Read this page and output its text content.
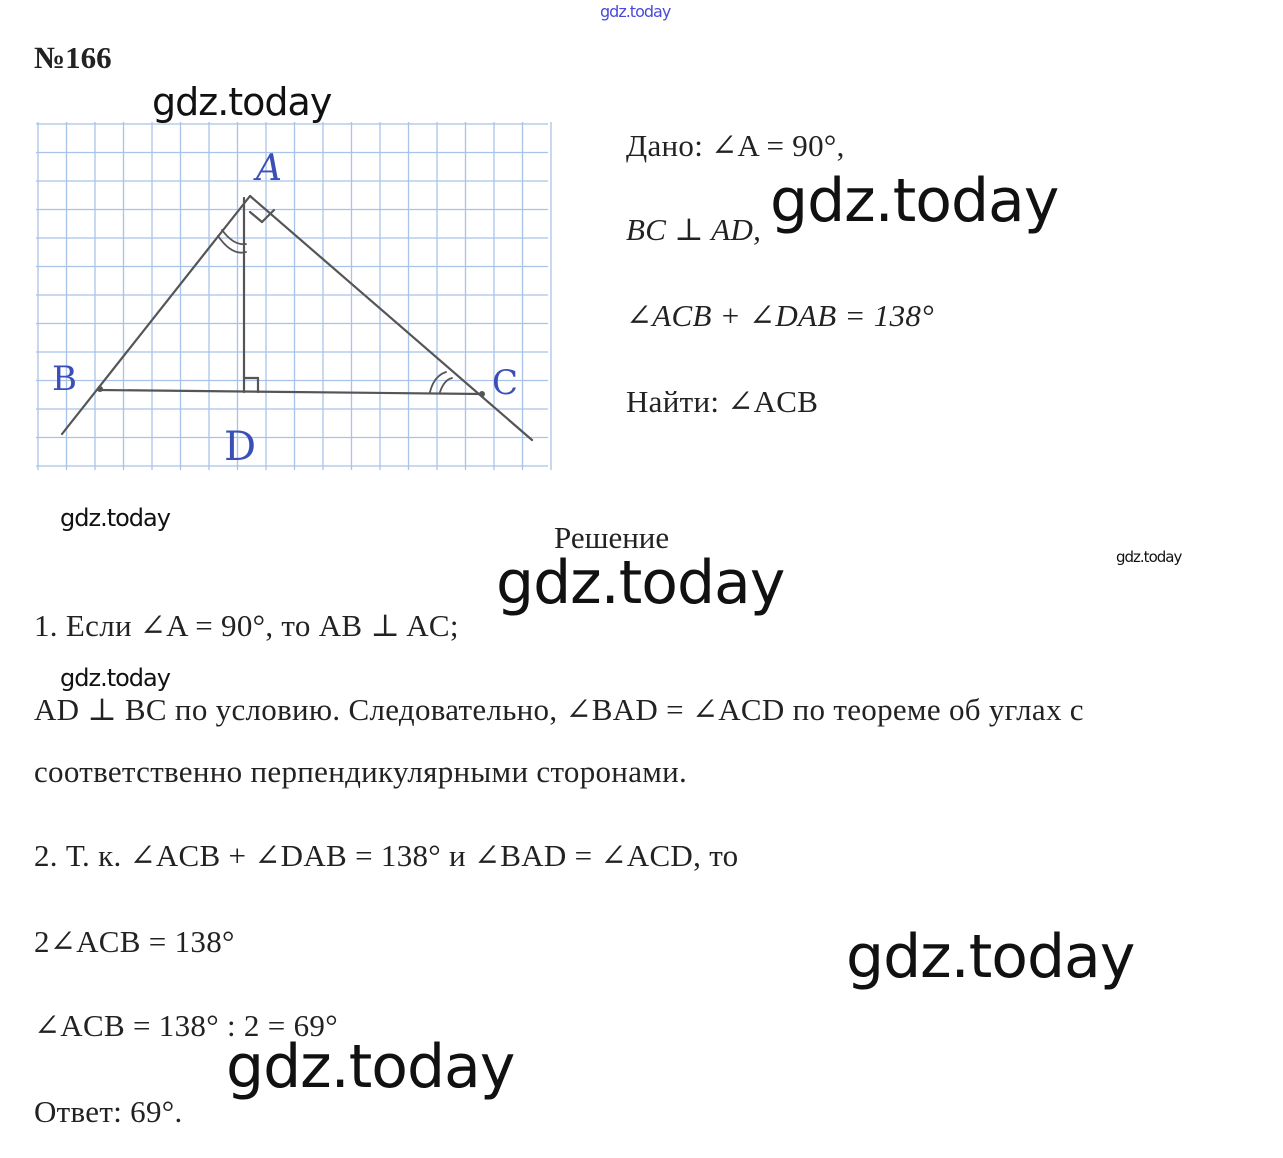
gdz.today
№166
A
B	C
D
gdz.today
Дано: ∠A = 90°,
BC ⊥ AD,
∠ACB + ∠DAB = 138°
Найти: ∠ACB
gdz.today
gdz.today
Решение
gdz.today	gdz.today
1. Если ∠A = 90°, то AB ⊥ AC;
gdz.today
AD ⊥ BC по условию. Следовательно, ∠BAD = ∠ACD по теореме об углах с
соответственно перпендикулярными сторонами.
2. Т. к. ∠ACB + ∠DAB = 138° и ∠BAD = ∠ACD, то
2∠ACB = 138°
∠ACB = 138° : 2 = 69°
gdz.today
gdz.today
Ответ: 69°.
